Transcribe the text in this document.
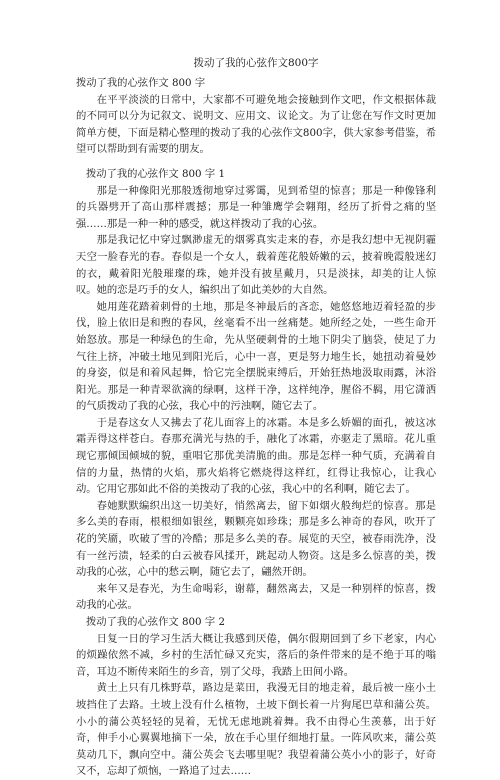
拨动了我的心弦作文800字

拨动了我的心弦作文 800 字

在平平淡淡的日常中，大家都不可避免地会接触到作文吧，作文根据体裁的不同可以分为记叙文、说明文、应用文、议论文。为了让您在写作文时更加简单方便，下面是精心整理的拨动了我的心弦作文800字，供大家参考借鉴，希望可以帮助到有需要的朋友。

拨动了我的心弦作文 800 字 1

那是一种像阳光那般透彻地穿过雾霭，见到希望的惊喜；那是一种像锋利的兵器劈开了高山那样震撼；那是一种雏鹰学会翱翔，经历了折骨之痛的坚强……那是一种一种的感受，就这样拨动了我的心弦。

那是我记忆中穿过飘渺虚无的烟雾真实走来的春，亦是我幻想中无视阴霾天空一脸春光的春。春似是一个女人，载着莲花般娇嫩的云，披着晚霞般迷幻的衣，戴着阳光般璀璨的珠，她并没有披星戴月，只是淡抹，却美的让人惊叹。她的恋是巧手的女人，编织出了如此美妙的大自然。

她用莲花踏着刺骨的土地，那是冬神最后的吝恋，她悠悠地迈着轻盈的步伐，脸上依旧是和煦的春风，丝毫看不出一丝痛楚。她所经之处，一些生命开始怒放。那是一种绿色的生命，先从坚硬刺骨的土地下阴尖了脑袋，使足了力气往上挤，冲破土地见到阳光后，心中一喜，更是努力地生长，她扭动着曼妙的身姿，似是和着风起舞，恰它完全摆脱束缚后，开始狂热地汲取雨露，沐浴阳光。那是一种青翠欲滴的绿啊，这样干净，这样纯净，腥俗不羁，用它潇洒的气质拨动了我的心弦，我心中的污浊啊，随它去了。

于是春这女人又拂去了花儿面容上的冰霜。本是多么娇媚的面孔，被这冰霜弄得这样苍白。春那充满光与热的手，融化了冰霜，亦驱走了黑暗。花儿重现它那倾国倾城的貌，重唱它那优美清脆的曲。那是怎样一种气质，充满着自信的力量，热情的火焰，那火焰将它燃烧得这样红，红得让我惊心，让我心动。它用它那如此不俗的美拨动了我的心弦，我心中的名利啊，随它去了。

春她默默编织出这一切美好，悄然离去，留下如烟火般绚烂的惊喜。那是多么美的春雨，根根细如银丝，颗颗亮如珍珠；那是多么神奇的春风，吹开了花的笑靥，吹破了雪的冷酷；那是多么美的春。展览的天空，被春雨洗净，没有一丝污渍，轻柔的白云被春风揉开，跳起动人物资。这是多么惊喜的美，拨动我的心弦，心中的愁云啊，随它去了，翩然开朗。

来年又是春光，为生命喝彩，谢幕，翻然离去，又是一种别样的惊喜，拨动我的心弦。

拨动了我的心弦作文 800 字 2

日复一日的学习生活大概让我感到厌倦，偶尔假期回到了乡下老家，内心的烦躁依然不减，乡村的生活忙碌又充实，落后的条件带来的是不绝于耳的嗡音，耳边不断传来陌生的乡音，别了父母，我踏上田间小路。

黄土上只有几株野草，路边是菜田，我漫无目的地走着，最后被一座小土坡挡住了去路。土坡上没有什么植物，土坡下倒长着一片狗尾巴草和蒲公英。小小的蒲公英轻轻的晃着，无忧无虑地跳着舞。我不由得心生羡慕，出于好奇，伸手小心翼翼地摘下一朵，放在手心里仔细地打量。一阵风吹来，蒲公英莫动几下，飘向空中。蒲公英会飞去哪里呢？我望着蒲公英小小的影子，好奇又不，忘却了烦恼，一路追了过去……
